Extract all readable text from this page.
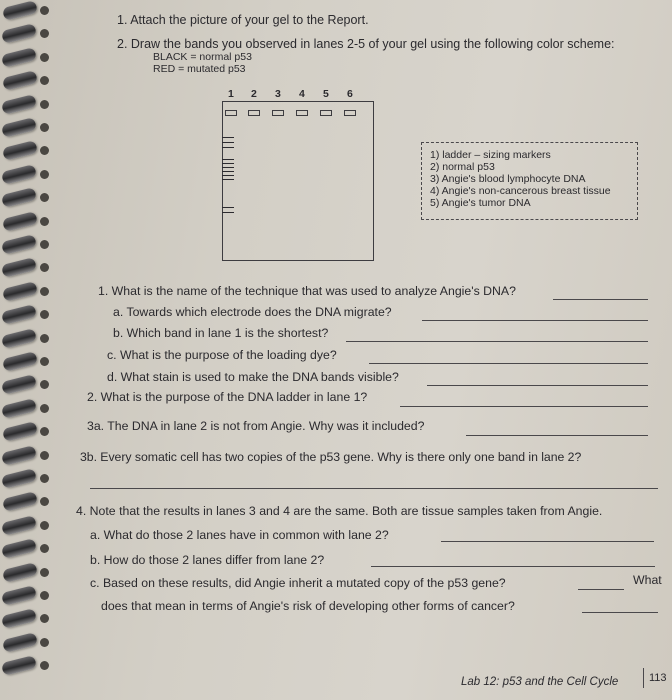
1. Attach the picture of your gel to the Report.
2. Draw the bands you observed in lanes 2-5 of your gel using the following color scheme:
BLACK = normal p53
RED = mutated p53
1 2 3 4 5 6
1) ladder – sizing markers
2) normal p53
3) Angie's blood lymphocyte DNA
4) Angie's non-cancerous breast tissue
5) Angie's tumor DNA
1. What is the name of the technique that was used to analyze Angie's DNA?
a. Towards which electrode does the DNA migrate?
b. Which band in lane 1 is the shortest?
c. What is the purpose of the loading dye?
d. What stain is used to make the DNA bands visible?
2. What is the purpose of the DNA ladder in lane 1?
3a. The DNA in lane 2 is not from Angie. Why was it included?
3b. Every somatic cell has two copies of the p53 gene. Why is there only one band in lane 2?
4. Note that the results in lanes 3 and 4 are the same. Both are tissue samples taken from Angie.
a. What do those 2 lanes have in common with lane 2?
b. How do those 2 lanes differ from lane 2?
c. Based on these results, did Angie inherit a mutated copy of the p53 gene?	What
does that mean in terms of Angie's risk of developing other forms of cancer?
Lab 12: p53 and the Cell Cycle	113
